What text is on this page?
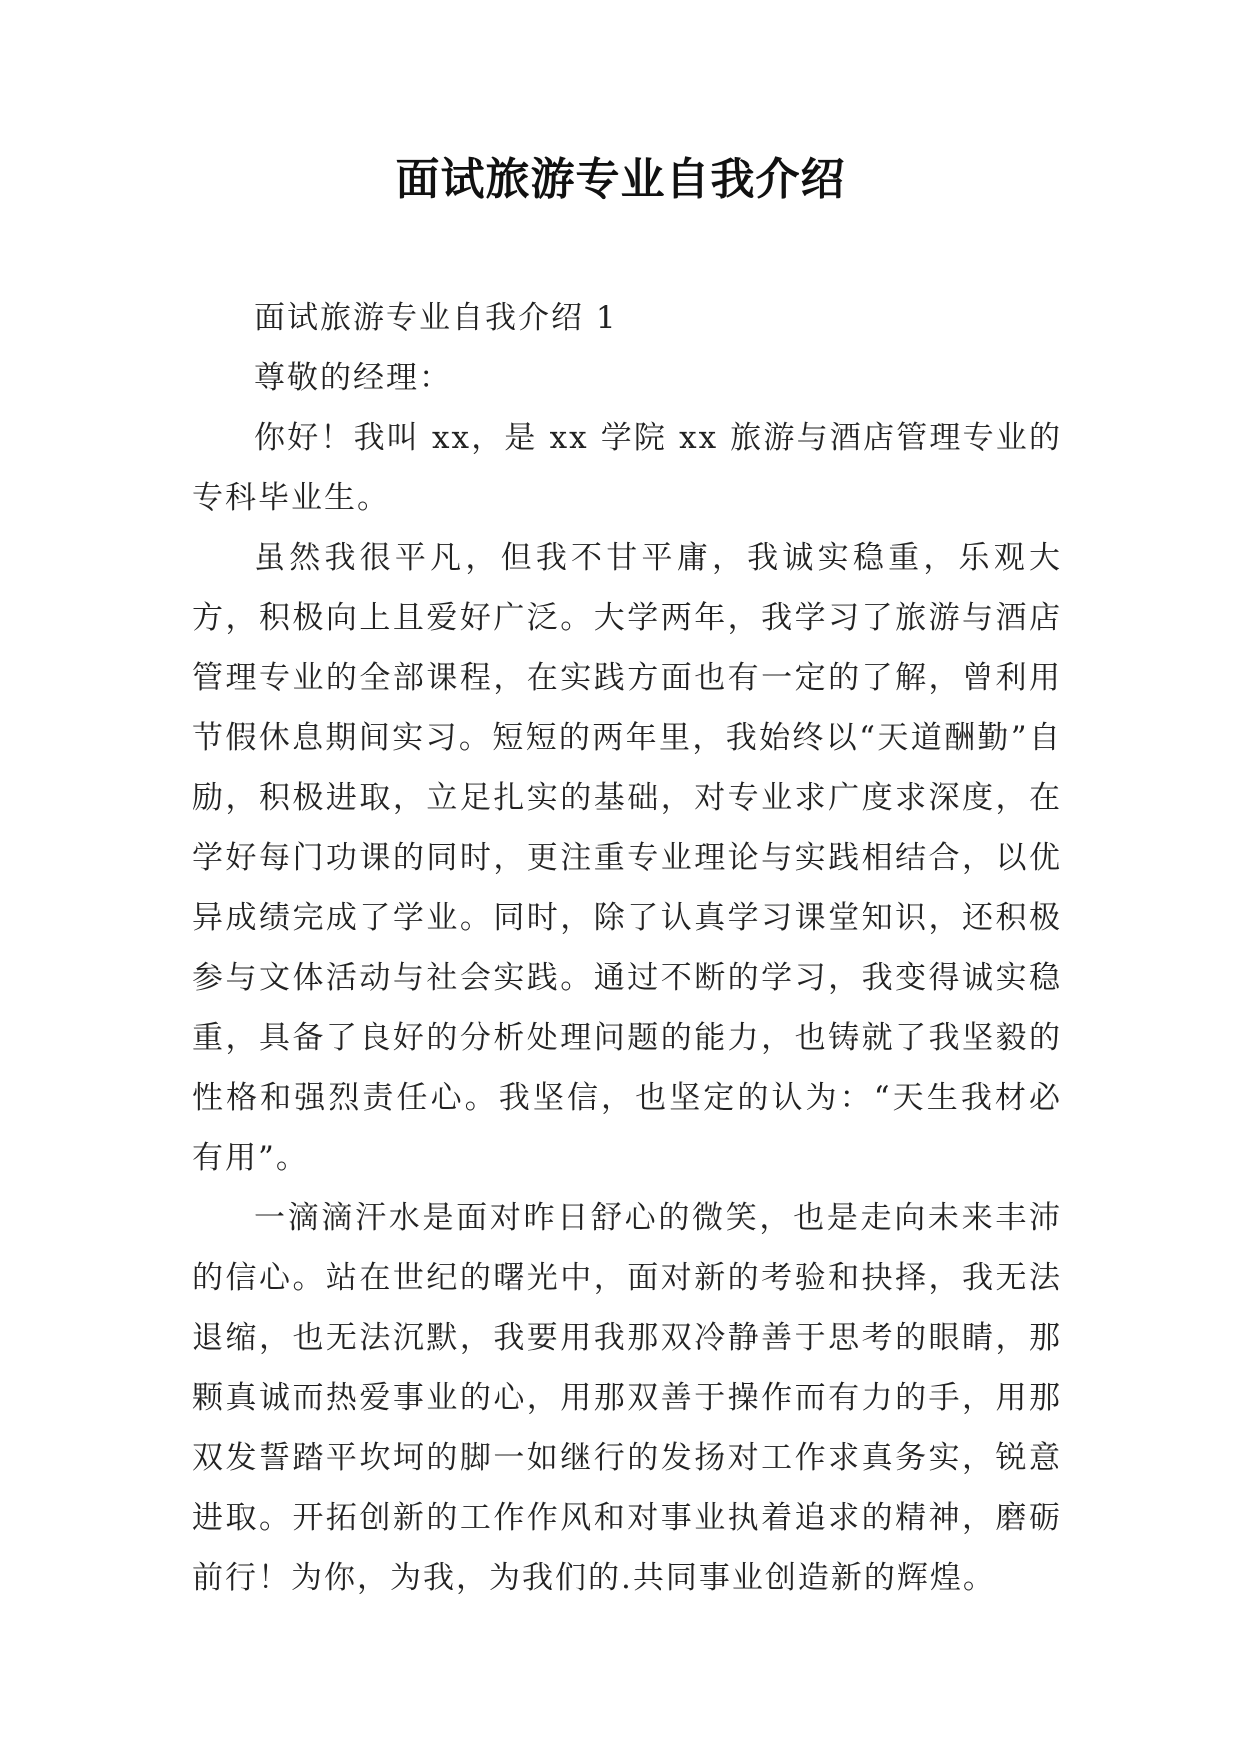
面试旅游专业自我介绍

面试旅游专业自我介绍 1

尊敬的经理：

你好！我叫 xx，是 xx 学院 xx 旅游与酒店管理专业的专科毕业生。

虽然我很平凡，但我不甘平庸，我诚实稳重，乐观大方，积极向上且爱好广泛。大学两年，我学习了旅游与酒店管理专业的全部课程，在实践方面也有一定的了解，曾利用节假休息期间实习。短短的两年里，我始终以“天道酬勤”自励，积极进取，立足扎实的基础，对专业求广度求深度，在学好每门功课的同时，更注重专业理论与实践相结合，以优异成绩完成了学业。同时，除了认真学习课堂知识，还积极参与文体活动与社会实践。通过不断的学习，我变得诚实稳重，具备了良好的分析处理问题的能力，也铸就了我坚毅的性格和强烈责任心。我坚信，也坚定的认为：“天生我材必有用”。

一滴滴汗水是面对昨日舒心的微笑，也是走向未来丰沛的信心。站在世纪的曙光中，面对新的考验和抉择，我无法退缩，也无法沉默，我要用我那双冷静善于思考的眼睛，那颗真诚而热爱事业的心，用那双善于操作而有力的手，用那双发誓踏平坎坷的脚一如继行的发扬对工作求真务实，锐意进取。开拓创新的工作作风和对事业执着追求的精神，磨砺前行！为你，为我，为我们的.共同事业创造新的辉煌。
